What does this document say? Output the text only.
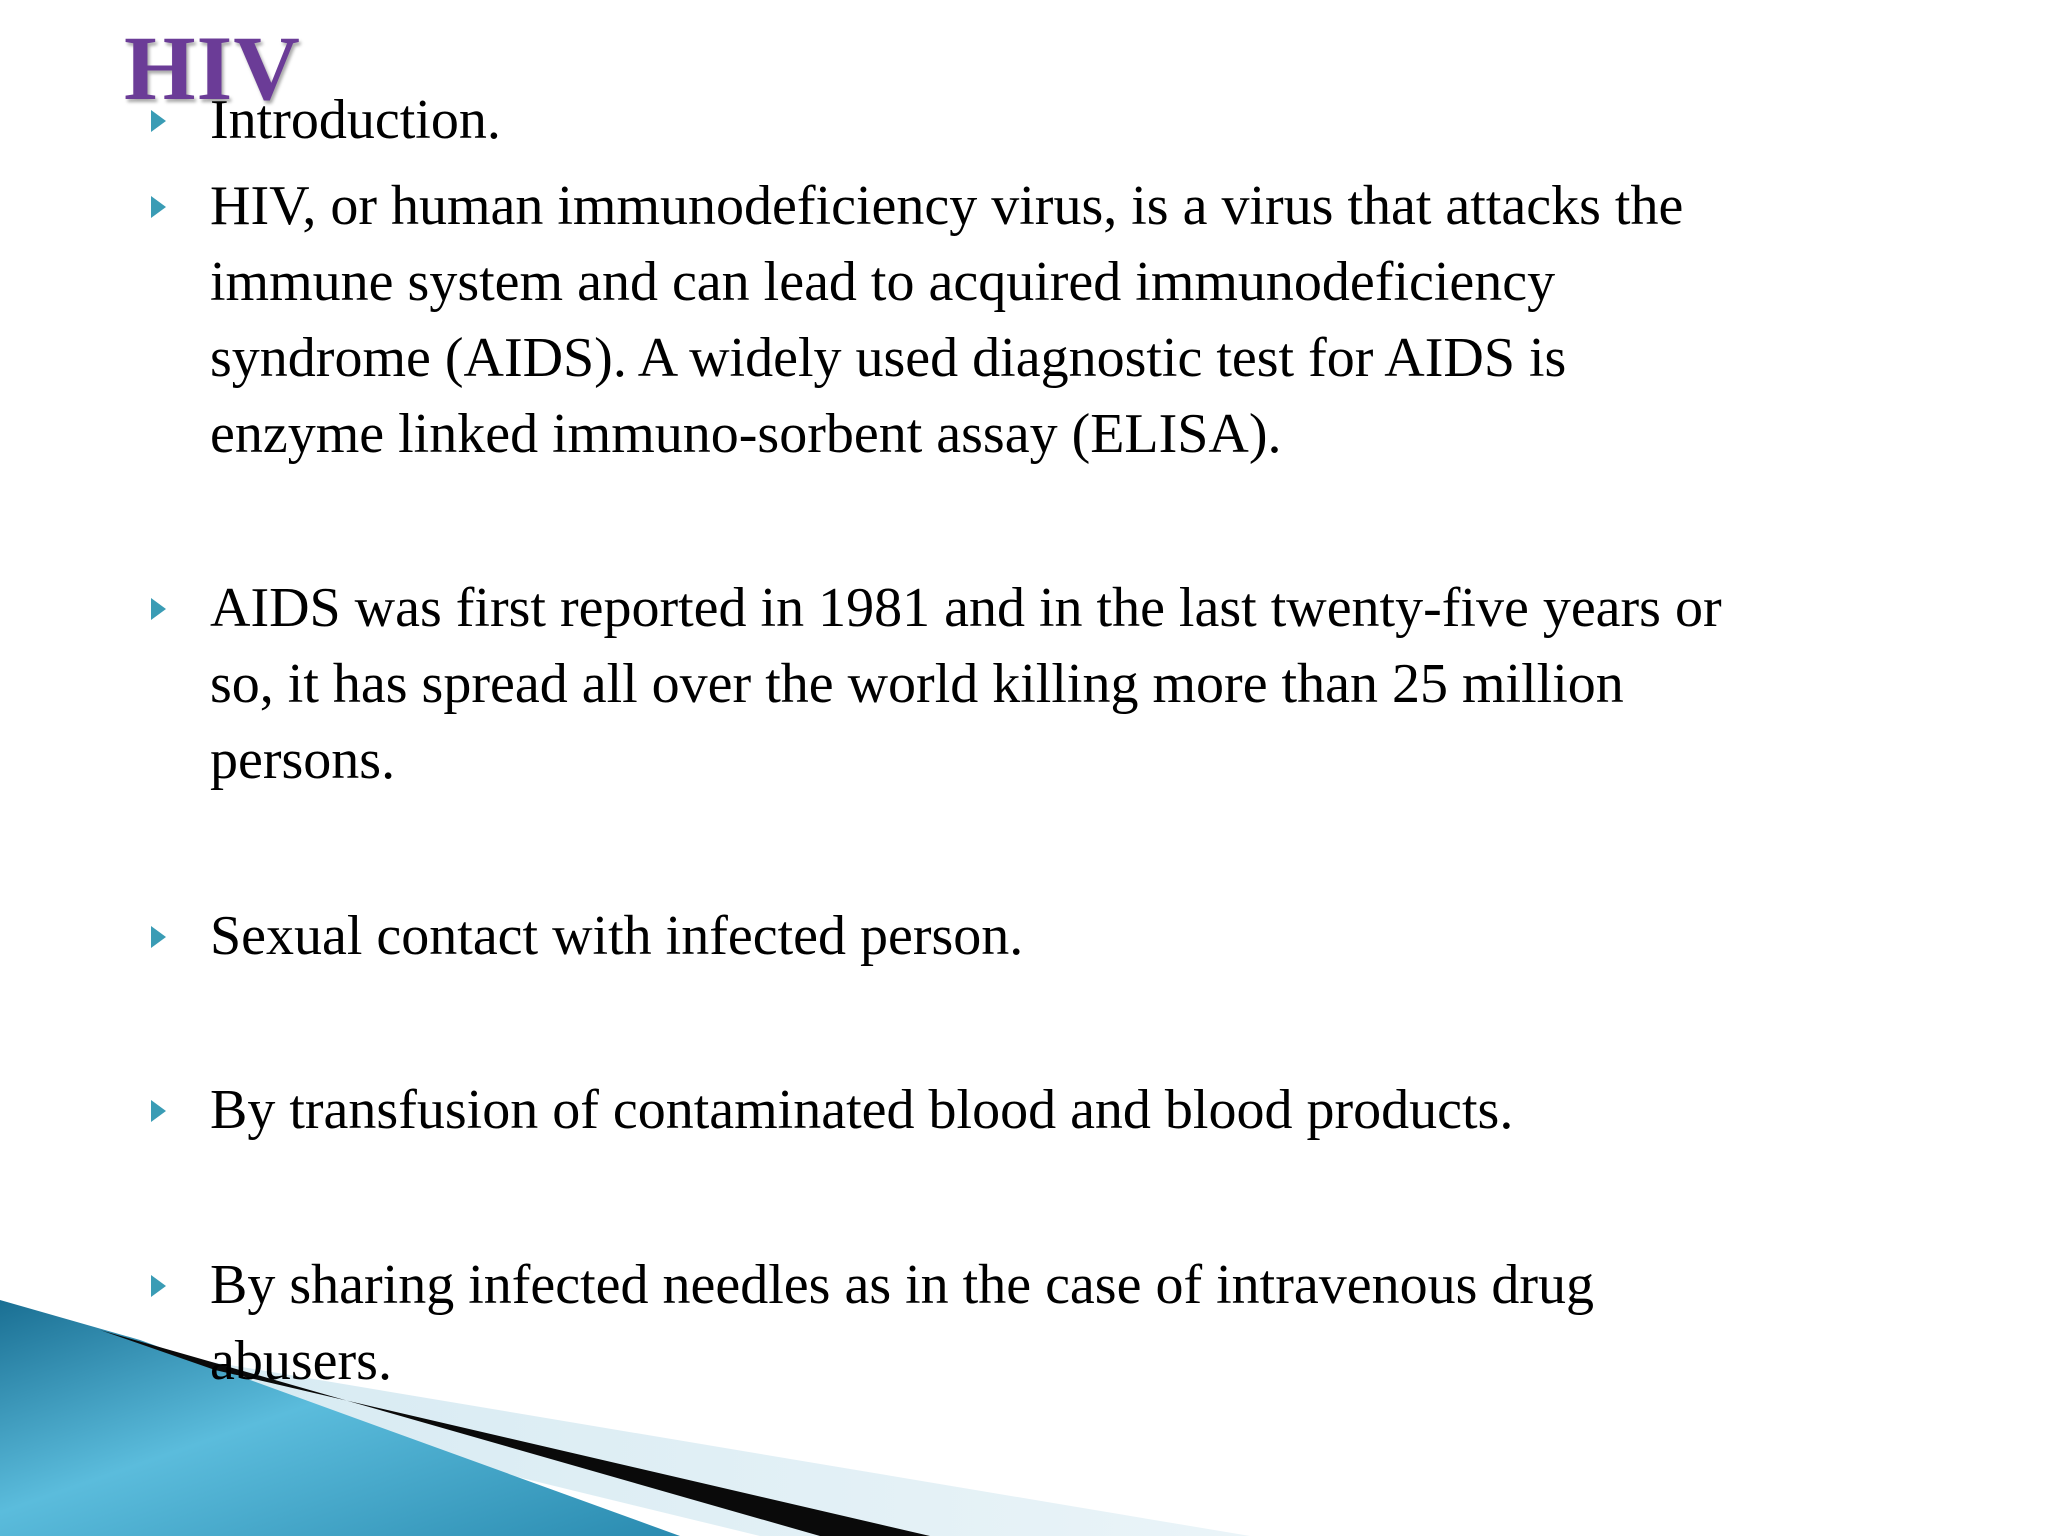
HIV
Introduction.
HIV, or human immunodeficiency virus, is a virus that attacks the
immune system and can lead to acquired immunodeficiency
syndrome (AIDS). A widely used diagnostic test for AIDS is
enzyme linked immuno-sorbent assay (ELISA).
AIDS was first reported in 1981 and in the last twenty-five years or
so, it has spread all over the world killing more than 25 million
persons.
Sexual contact with infected person.
By transfusion of contaminated blood and blood products.
By sharing infected needles as in the case of intravenous drug
abusers.
